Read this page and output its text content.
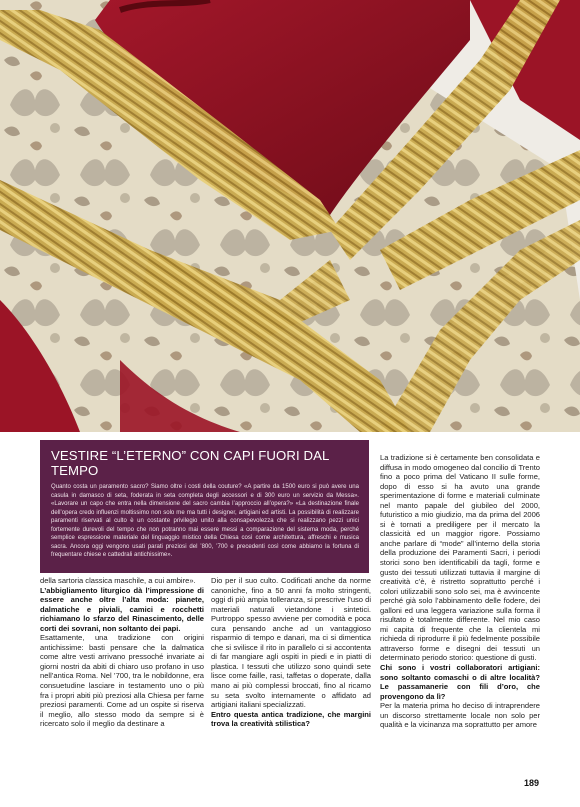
VESTIRE “L’ETERNO” CON CAPI FUORI DAL TEMPO

Quanto costa un paramento sacro? Siamo oltre i costi della couture? «A partire da 1500 euro si può avere una casula in damasco di seta, foderata in seta completa degli accessori e di 300 euro un servizio da Messa». «Lavorare un capo che entra nella dimensione del sacro cambia l’approccio all’opera?» «La destinazione finale dell’opera credo influenzi moltissimo non solo me ma tutti i designer, artigiani ed artisti. La possibilità di realizzare paramenti riservati al culto è un costante privilegio unito alla consapevolezza che si realizzano pezzi unici fortemente durevoli del tempo che non potranno mai essere messi a comparazione del sistema moda, perché semplice espressione materiale del linguaggio mistico della Chiesa così come architettura, affreschi e musica sacra. Ancora oggi vengono usati parati preziosi del ’800, ’700 e precedenti così come abbiamo la fortuna di frequentare chiese e cattedrali antichissime».

della sartoria classica maschile, a cui ambire».

L’abbigliamento liturgico dà l’impressione di essere anche oltre l’alta moda: pianete, dalmatiche e piviali, camici e rocchetti richiamano lo sfarzo del Rinascimento, delle corti dei sovrani, non soltanto dei papi.

Esattamente, una tradizione con origini antichissime: basti pensare che la dalmatica come altre vesti arrivano pressoché invariate ai giorni nostri da abiti di chiaro uso profano in uso nell’antica Roma. Nel ’700, tra le nobildonne, era consuetudine lasciare in testamento uno o più fra i propri abiti più preziosi alla Chiesa per farne preziosi paramenti. Come ad un ospite si riserva il meglio, allo stesso modo da sempre si è ricercato solo il meglio da destinare a

Dio per il suo culto. Codificati anche da norme canoniche, fino a 50 anni fa molto stringenti, oggi di più ampia tolleranza, si prescrive l’uso di materiali naturali vietandone i sintetici. Purtroppo spesso avviene per comodità e poca cura pensando anche ad un vantaggioso risparmio di tempo e danari, ma ci si dimentica che si svilisce il rito in parallelo ci si accontenta di far mangiare agli ospiti in piedi e in piatti di plastica. I tessuti che utilizzo sono quindi sete lisce come faille, rasi, taffetas o doperate, dalla mano ai più complessi broccati, fino al ricamo su seta svolto internamente o affidato ad artigiani italiani specializzati.

Entro questa antica tradizione, che margini trova la creatività stilistica?

La tradizione si è certamente ben consolidata e diffusa in modo omogeneo dal concilio di Trento fino a poco prima del Vaticano II sulle forme, dopo di esso si ha avuto una grande sperimentazione di forme e materiali culminate nel manto papale del giubileo del 2000, futuristico a mio giudizio, ma da prima del 2006 si è tornati a prediligere per il mercato la classicità ed un maggior rigore. Possiamo anche parlare di “mode” all’interno della storia della produzione dei Paramenti Sacri, i periodi storici sono ben identificabili da tagli, forme e gusto dei tessuti utilizzati tuttavia il margine di creatività c’è, è ristretto soprattutto perché i colori utilizzabili sono solo sei, ma è avvincente perché già solo l’abbinamento delle fodere, dei galloni ed una leggera variazione sulla forma il risultato è totalmente differente. Nel mio caso mi capita di frequente che la clientela mi richieda di riprodurre il più fedelmente possibile attraverso forme e disegni dei tessuti un determinato periodo storico: questione di gusti.

Chi sono i vostri collaboratori artigiani: sono soltanto comaschi o di altre località? Le passamanerie con fili d’oro, che provengono da lì?

Per la materia prima ho deciso di intraprendere un discorso strettamente locale non solo per qualità e la vicinanza ma soprattutto per amore

189
